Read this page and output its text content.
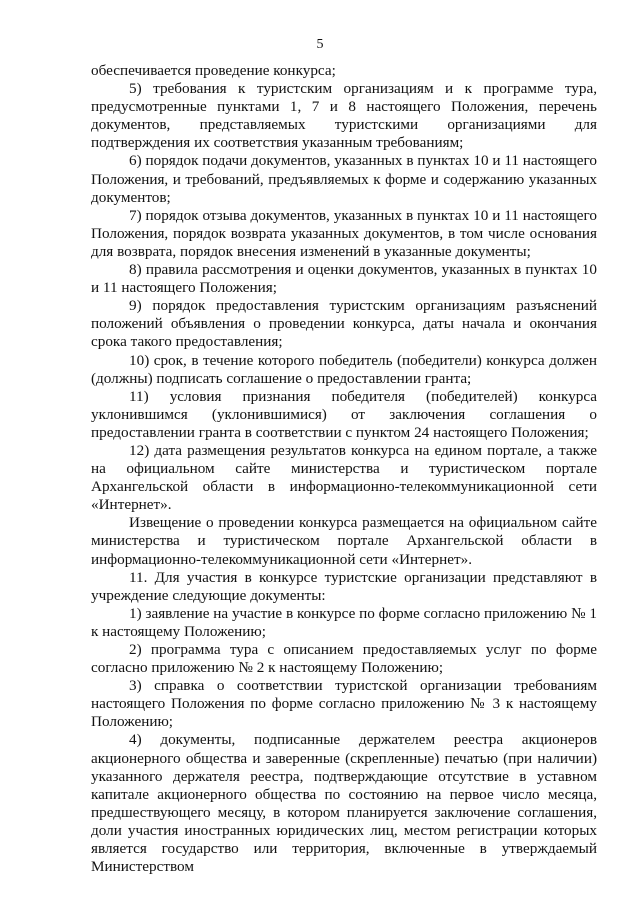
5

обеспечивается проведение конкурса;

5) требования к туристским организациям и к программе тура, предусмотренные пунктами 1, 7 и 8 настоящего Положения, перечень документов, представляемых туристскими организациями для подтверждения их соответствия указанным требованиям;

6) порядок подачи документов, указанных в пунктах 10 и 11 настоящего Положения, и требований, предъявляемых к форме и содержанию указанных документов;

7) порядок отзыва документов, указанных в пунктах 10 и 11 настоящего Положения, порядок возврата указанных документов, в том числе основания для возврата, порядок внесения изменений в указанные документы;

8) правила рассмотрения и оценки документов, указанных в пунктах 10 и 11 настоящего Положения;

9) порядок предоставления туристским организациям разъяснений положений объявления о проведении конкурса, даты начала и окончания срока такого предоставления;

10) срок, в течение которого победитель (победители) конкурса должен (должны) подписать соглашение о предоставлении гранта;

11) условия признания победителя (победителей) конкурса уклонившимся (уклонившимися) от заключения соглашения о предоставлении гранта в соответствии с пунктом 24 настоящего Положения;

12) дата размещения результатов конкурса на едином портале, а также на официальном сайте министерства и туристическом портале Архангельской области в информационно-телекоммуникационной сети «Интернет».

Извещение о проведении конкурса размещается на официальном сайте министерства и туристическом портале Архангельской области в информационно-телекоммуникационной сети «Интернет».

11. Для участия в конкурсе туристские организации представляют в учреждение следующие документы:

1) заявление на участие в конкурсе по форме согласно приложению № 1 к настоящему Положению;

2) программа тура с описанием предоставляемых услуг по форме согласно приложению № 2 к настоящему Положению;

3) справка о соответствии туристской организации требованиям настоящего Положения по форме согласно приложению № 3 к настоящему Положению;

4) документы, подписанные держателем реестра акционеров акционерного общества и заверенные (скрепленные) печатью (при наличии) указанного держателя реестра, подтверждающие отсутствие в уставном капитале акционерного общества по состоянию на первое число месяца, предшествующего месяцу, в котором планируется заключение соглашения, доли участия иностранных юридических лиц, местом регистрации которых является государство или территория, включенные в утверждаемый Министерством
